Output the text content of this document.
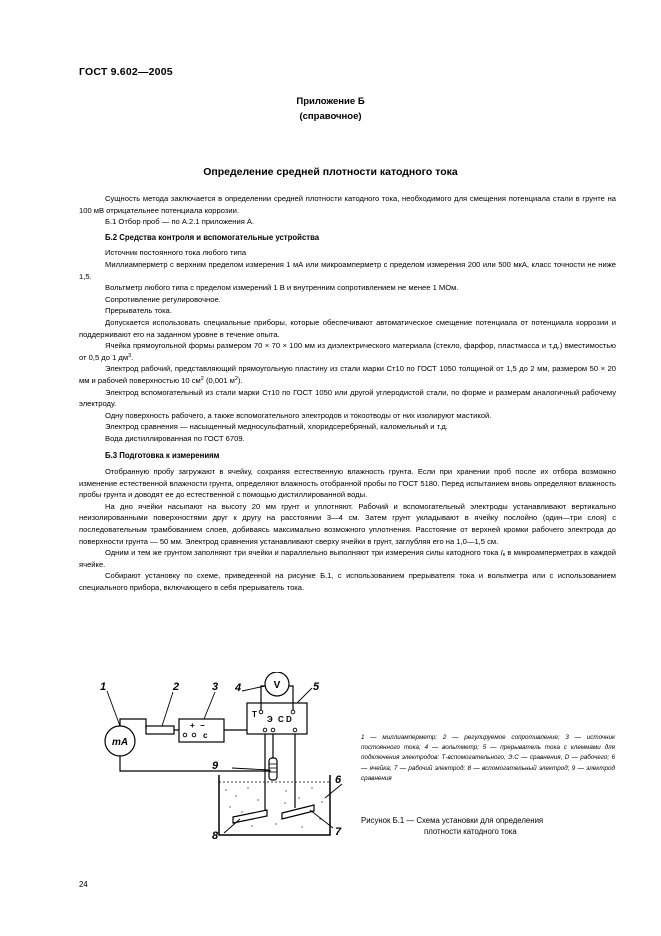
ГОСТ 9.602—2005
Приложение Б
(справочное)
Определение средней плотности катодного тока

Сущность метода заключается в определении средней плотности катодного тока, необходимого для смещения потенциала стали в грунте на 100 мВ отрицательнее потенциала коррозии.

Б.1 Отбор проб — по А.2.1 приложения А.

Б.2 Средства контроля и вспомогательные устройства

Источник постоянного тока любого типа

Миллиамперметр с верхним пределом измерения 1 мА или микроамперметр с пределом измерения 200 или 500 мкА, класс точности не ниже 1,5.

Вольтметр любого типа с пределом измерений 1 В и внутренним сопротивлением не менее 1 МОм.

Сопротивление регулировочное.

Прерыватель тока.

Допускается использовать специальные приборы, которые обеспечивают автоматическое смещение потенциала от потенциала коррозии и поддерживают его на заданном уровне в течение опыта.

Ячейка прямоугольной формы размером 70 × 70 × 100 мм из диэлектрического материала (стекло, фарфор, пластмасса и т.д.) вместимостью от 0,5 до 1 $дм^3$.

Электрод рабочий, представляющий прямоугольную пластину из стали марки Ст10 по ГОСТ 1050 толщиной от 1,5 до 2 мм, размером 50 × 20 мм и рабочей поверхностью 10 $см^2$ (0,001 $м^2$).

Электрод вспомогательный из стали марки Ст10 по ГОСТ 1050 или другой углеродистой стали, по форме и размерам аналогичный рабочему электроду.

Одну поверхность рабочего, а также вспомогательного электродов и токоотводы от них изолируют мастикой.

Электрод сравнения — насыщенный медносульфатный, хлоридсеребряный, каломельный и т.д.

Вода дистиллированная по ГОСТ 6709.

Б.3 Подготовка к измерениям

Отобранную пробу загружают в ячейку, сохраняя естественную влажность грунта. Если при хранении проб после их отбора возможно изменение естественной влажности грунта, определяют влажность отобранной пробы по ГОСТ 5180. Перед испытанием вновь определяют влажность пробы грунта и доводят ее до естественной с помощью дистиллированной воды.

На дно ячейки насыпают на высоту 20 мм грунт и уплотняют. Рабочий и вспомогательный электроды устанавливают вертикально неизолированными поверхностями друг к другу на расстоянии 3—4 см. Затем грунт укладывают в ячейку послойно (один—три слоя) с последовательным трамбованием слоев, добиваясь максимально возможного уплотнения. Расстояние от верхней кромки рабочего электрода до поверхности грунта — 50 мм. Электрод сравнения устанавливают сверху ячейки в грунт, заглубляя его на 1,0—1,5 см.

Одним и тем же грунтом заполняют три ячейки и параллельно выполняют три измерения силы катодного тока $I_к$ в микроамперметрах в каждой ячейке.

Собирают установку по схеме, приведенной на рисунке Б.1, с использованием прерывателя тока и вольтметра или с использованием специального прибора, включающего в себя прерыватель тока.

mA
V
T
Э С D
+ −
с
1	2	3 4	5
6
7
8
9
1 — миллиамперметр; 2 — регулируемое сопротивление; 3 — источник постоянного тока; 4 — вольтметр; 5 — прерыватель тока с клеммами для подключения электродов: Т-вспомогательного, Э.С — сравнения, D — рабочего; 6 — ячейка; 7 — рабочий электрод; 8 — вспомогательный электрод; 9 — электрод сравнения
Рисунок Б.1 — Схема установки для определения
плотности катодного тока
24
